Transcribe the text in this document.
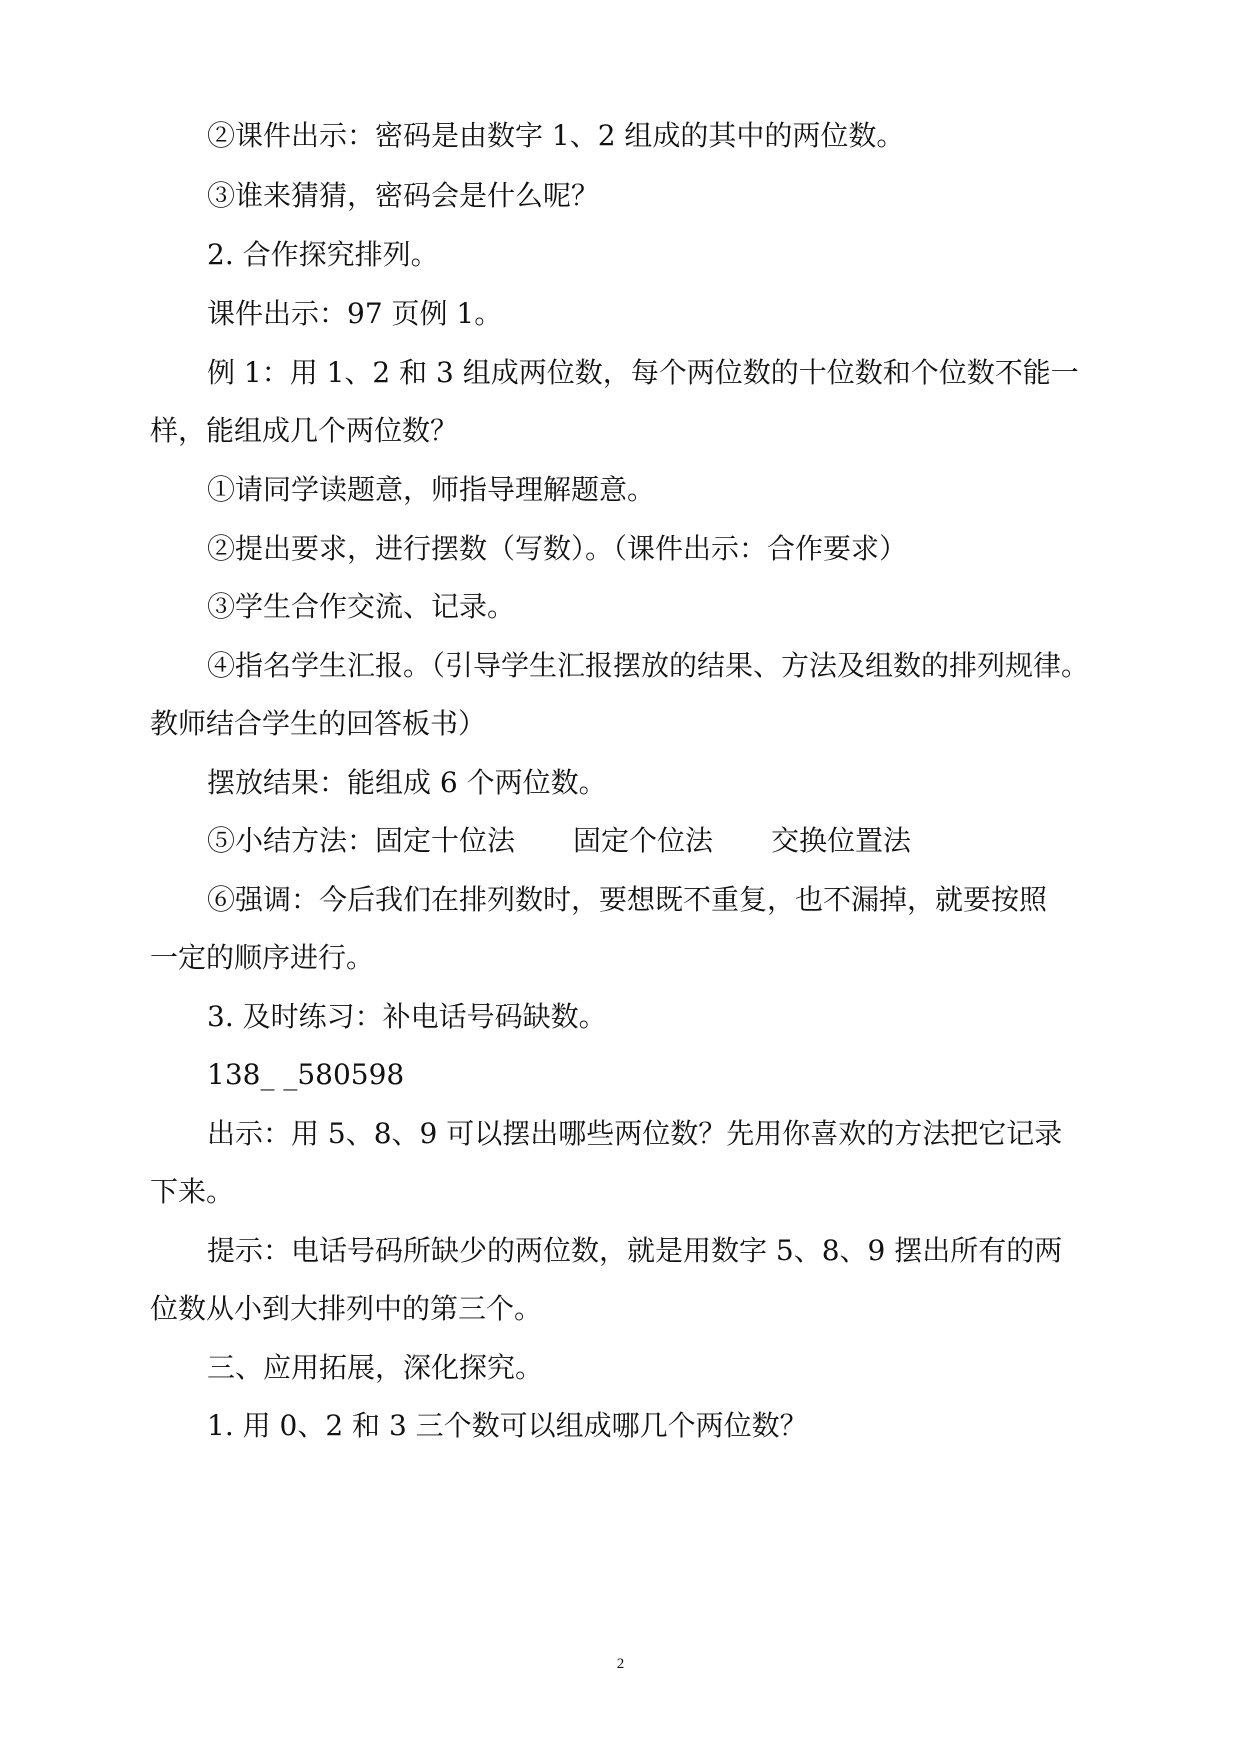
②课件出示：密码是由数字 1、2 组成的其中的两位数。
③谁来猜猜，密码会是什么呢？
2. 合作探究排列。
课件出示：97 页例 1。
例 1：用 1、2 和 3 组成两位数，每个两位数的十位数和个位数不能一
样，能组成几个两位数？
①请同学读题意，师指导理解题意。
②提出要求，进行摆数（写数）。（课件出示：合作要求）
③学生合作交流、记录。
④指名学生汇报。（引导学生汇报摆放的结果、方法及组数的排列规律。
教师结合学生的回答板书）
摆放结果：能组成 6 个两位数。
⑤小结方法：固定十位法 固定个位法 交换位置法
⑥强调：今后我们在排列数时，要想既不重复，也不漏掉，就要按照
一定的顺序进行。
3. 及时练习：补电话号码缺数。
138_ _580598
出示：用 5、8、9 可以摆出哪些两位数？先用你喜欢的方法把它记录
下来。
提示：电话号码所缺少的两位数，就是用数字 5、8、9 摆出所有的两
位数从小到大排列中的第三个。
三、应用拓展，深化探究。
1. 用 0、2 和 3 三个数可以组成哪几个两位数？
2
